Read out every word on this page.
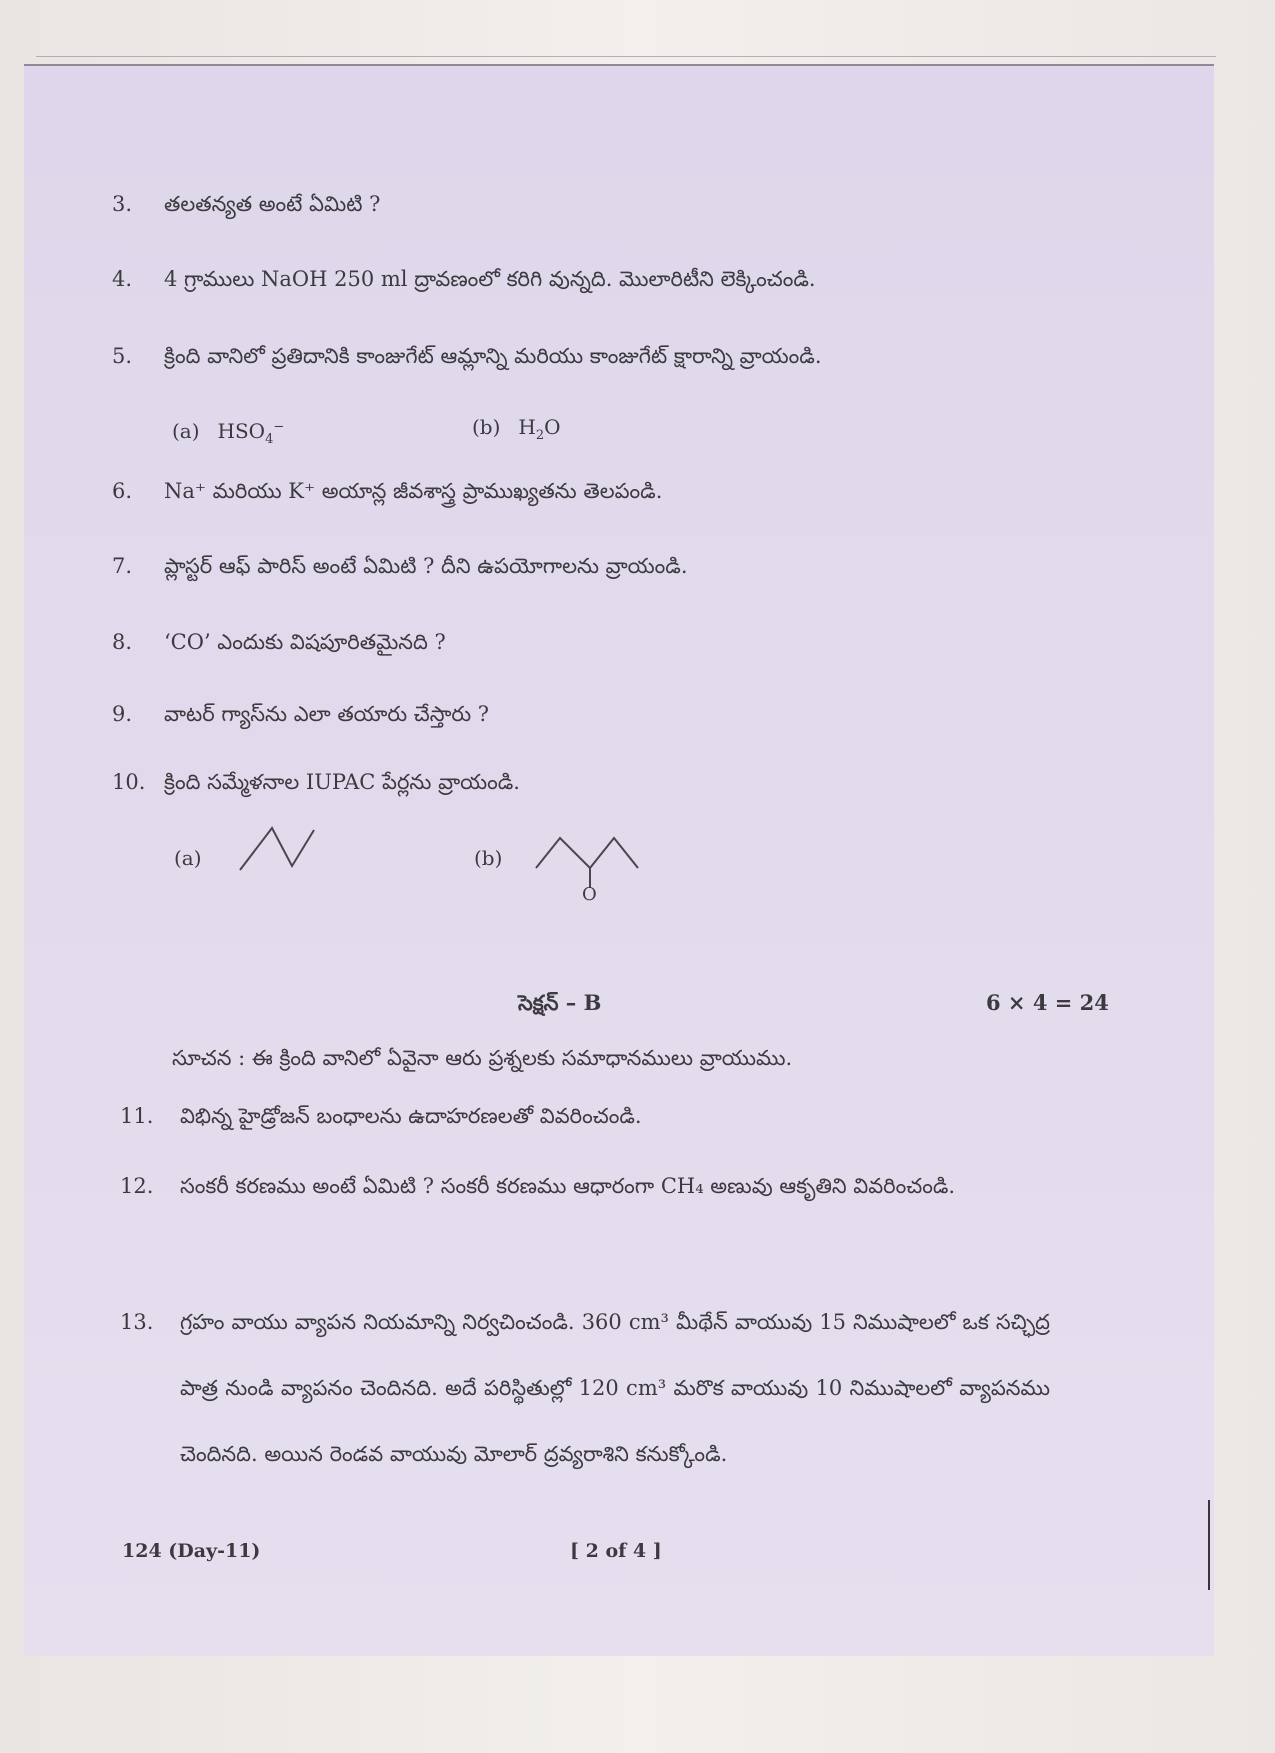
3. తలతన్యత అంటే ఏమిటి ?
4. 4 గ్రాములు NaOH 250 ml ద్రావణంలో కరిగి వున్నది. మొలారిటీని లెక్కించండి.
5. క్రింది వానిలో ప్రతిదానికి కాంజుగేట్ ఆమ్లాన్ని మరియు కాంజుగేట్ క్షారాన్ని వ్రాయండి.
(a) $HSO_4^-$	(b) $H_2O$
6. Na⁺ మరియు K⁺ అయాన్ల జీవశాస్త్ర ప్రాముఖ్యతను తెలపండి.
7. ప్లాస్టర్ ఆఫ్ పారిస్ అంటే ఏమిటి ? దీని ఉపయోగాలను వ్రాయండి.
8. ‘CO’ ఎందుకు విషపూరితమైనది ?
9. వాటర్ గ్యాస్‌ను ఎలా తయారు చేస్తారు ?
10. క్రింది సమ్మేళనాల IUPAC పేర్లను వ్రాయండి.
(a)	(b)
O
సెక్షన్ – B	6 × 4 = 24
సూచన : ఈ క్రింది వానిలో ఏవైనా ఆరు ప్రశ్నలకు సమాధానములు వ్రాయుము.
11. విభిన్న హైడ్రోజన్ బంధాలను ఉదాహరణలతో వివరించండి.
12. సంకరీ కరణము అంటే ఏమిటి ? సంకరీ కరణము ఆధారంగా CH₄ అణువు ఆకృతిని వివరించండి.
13. గ్రహం వాయు వ్యాపన నియమాన్ని నిర్వచించండి. 360 cm³ మీథేన్ వాయువు 15 నిముషాలలో ఒక సచ్ఛిద్ర పాత్ర నుండి వ్యాపనం చెందినది. అదే పరిస్థితుల్లో 120 cm³ మరొక వాయువు 10 నిముషాలలో వ్యాపనము చెందినది. అయిన రెండవ వాయువు మోలార్ ద్రవ్యరాశిని కనుక్కోండి.
124 (Day-11)	[ 2 of 4 ]
